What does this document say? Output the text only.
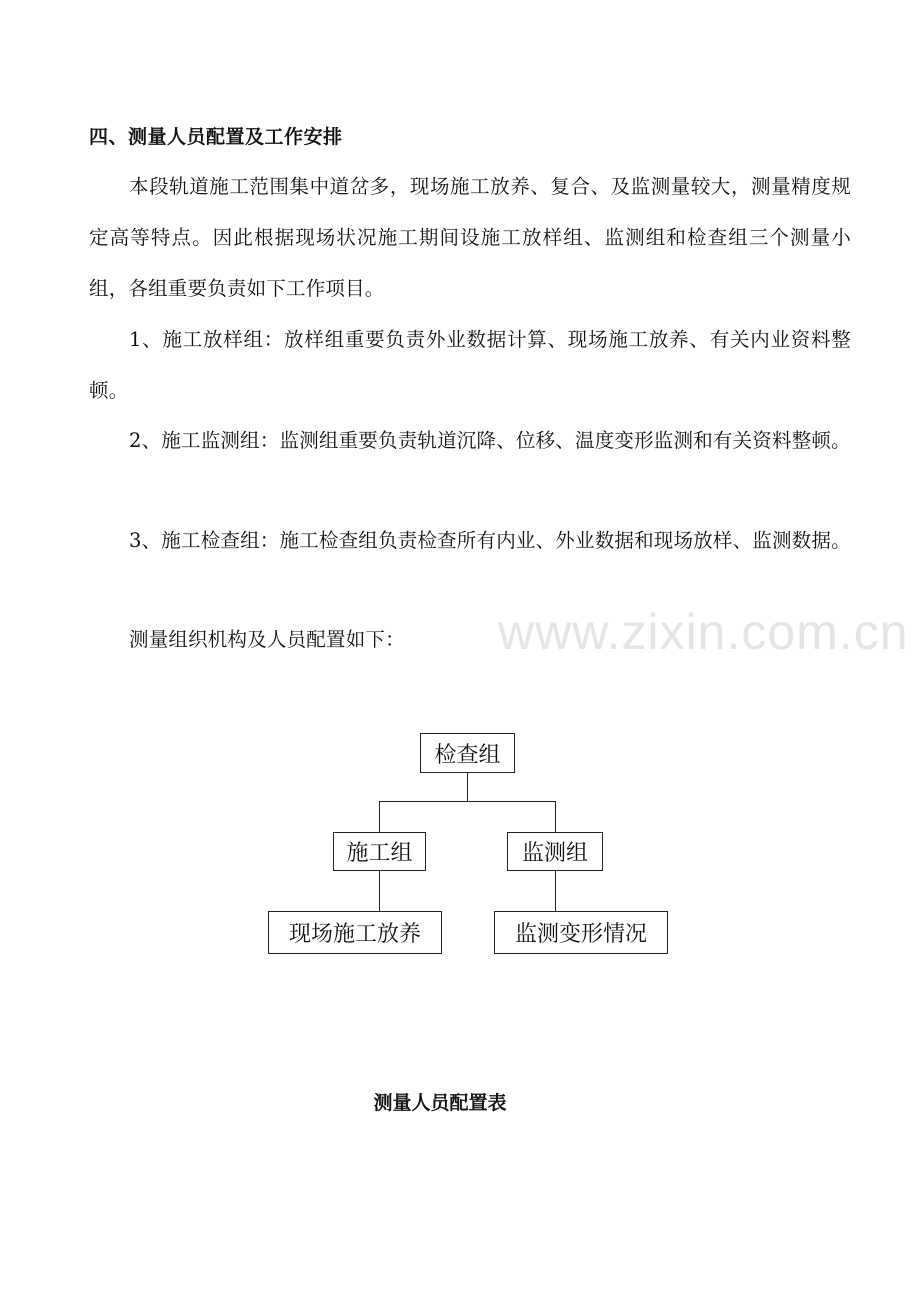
四、测量人员配置及工作安排
本段轨道施工范围集中道岔多，现场施工放养、复合、及监测量较大，测量精度规定高等特点。因此根据现场状况施工期间设施工放样组、监测组和检查组三个测量小组，各组重要负责如下工作项目。
1、施工放样组：放样组重要负责外业数据计算、现场施工放养、有关内业资料整顿。
2、施工监测组：监测组重要负责轨道沉降、位移、温度变形监测和有关资料整顿。
3、施工检查组：施工检查组负责检查所有内业、外业数据和现场放样、监测数据。
测量组织机构及人员配置如下：	www.zixin.com.cn
检查组
施工组	监测组
现场施工放养	监测变形情况
测量人员配置表
